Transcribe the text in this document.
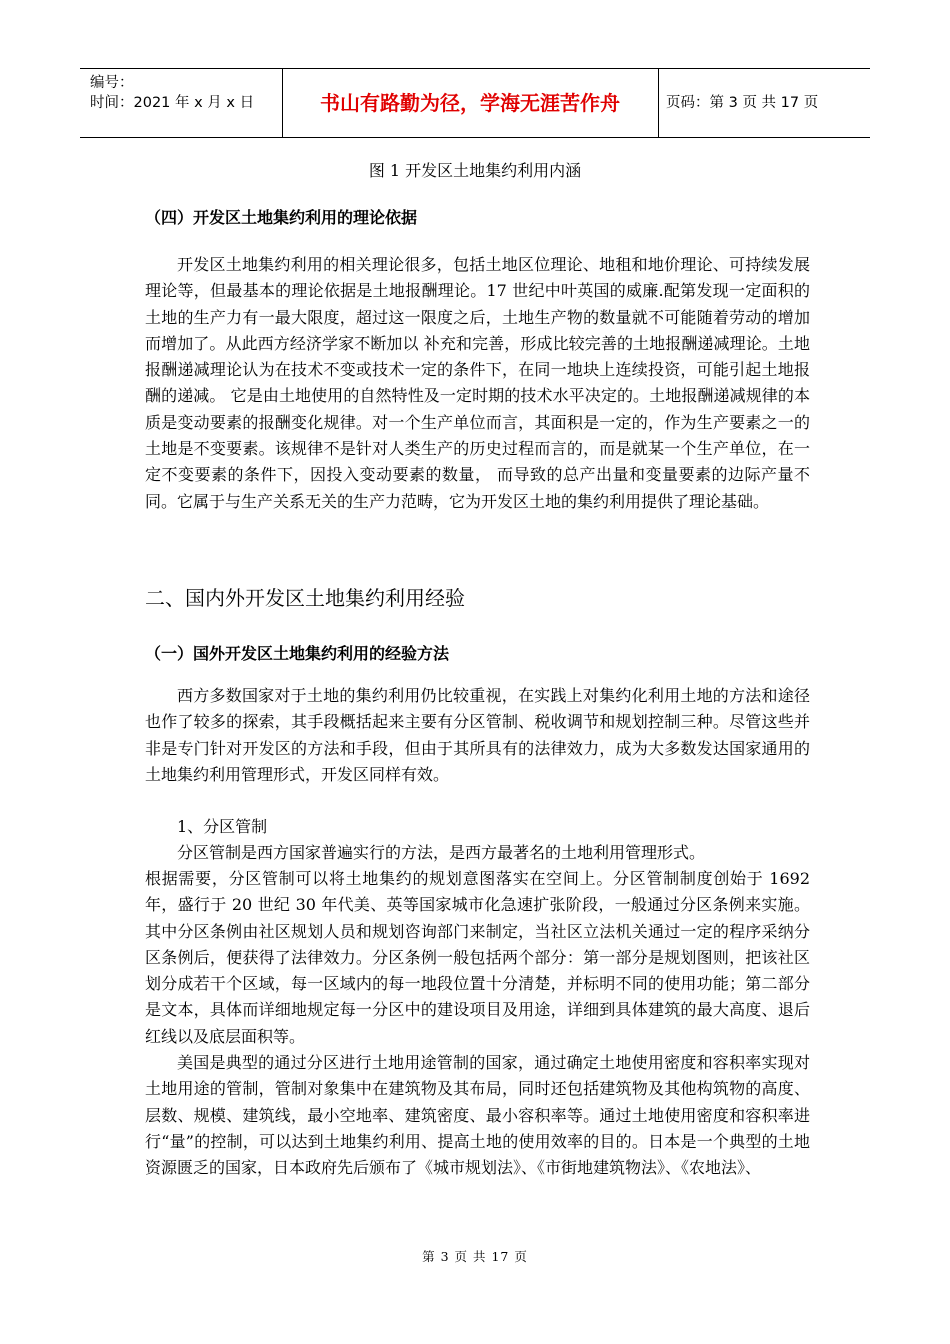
编号：
时间：2021 年 x 月 x 日	书山有路勤为径，学海无涯苦作舟	页码：第 3 页 共 17 页
图 1 开发区土地集约利用内涵
（四）开发区土地集约利用的理论依据

开发区土地集约利用的相关理论很多，包括土地区位理论、地租和地价理论、可持续发展理论等，但最基本的理论依据是土地报酬理论。17 世纪中叶英国的威廉.配第发现一定面积的土地的生产力有一最大限度，超过这一限度之后，土地生产物的数量就不可能随着劳动的增加而增加了。从此西方经济学家不断加以 补充和完善，形成比较完善的土地报酬递减理论。土地报酬递减理论认为在技术不变或技术一定的条件下，在同一地块上连续投资，可能引起土地报酬的递减。 它是由土地使用的自然特性及一定时期的技术水平决定的。土地报酬递减规律的本质是变动要素的报酬变化规律。对一个生产单位而言，其面积是一定的，作为生产要素之一的土地是不变要素。该规律不是针对人类生产的历史过程而言的，而是就某一个生产单位，在一定不变要素的条件下，因投入变动要素的数量， 而导致的总产出量和变量要素的边际产量不同。它属于与生产关系无关的生产力范畴，它为开发区土地的集约利用提供了理论基础。

二、国内外开发区土地集约利用经验
（一）国外开发区土地集约利用的经验方法

西方多数国家对于土地的集约利用仍比较重视，在实践上对集约化利用土地的方法和途径也作了较多的探索，其手段概括起来主要有分区管制、税收调节和规划控制三种。尽管这些并非是专门针对开发区的方法和手段，但由于其所具有的法律效力，成为大多数发达国家通用的土地集约利用管理形式，开发区同样有效。

1、分区管制

分区管制是西方国家普遍实行的方法，是西方最著名的土地利用管理形式。

根据需要，分区管制可以将土地集约的规划意图落实在空间上。分区管制制度创始于 1692 年，盛行于 20 世纪 30 年代美、英等国家城市化急速扩张阶段，一般通过分区条例来实施。其中分区条例由社区规划人员和规划咨询部门来制定，当社区立法机关通过一定的程序采纳分区条例后，便获得了法律效力。分区条例一般包括两个部分：第一部分是规划图则，把该社区划分成若干个区域，每一区域内的每一地段位置十分清楚，并标明不同的使用功能；第二部分是文本，具体而详细地规定每一分区中的建设项目及用途，详细到具体建筑的最大高度、退后红线以及底层面积等。

美国是典型的通过分区进行土地用途管制的国家，通过确定土地使用密度和容积率实现对土地用途的管制，管制对象集中在建筑物及其布局，同时还包括建筑物及其他构筑物的高度、层数、规模、建筑线，最小空地率、建筑密度、最小容积率等。通过土地使用密度和容积率进行“量”的控制，可以达到土地集约利用、提高土地的使用效率的目的。日本是一个典型的土地资源匮乏的国家，日本政府先后颁布了《城市规划法》、《市街地建筑物法》、《农地法》、

第 3 页 共 17 页
